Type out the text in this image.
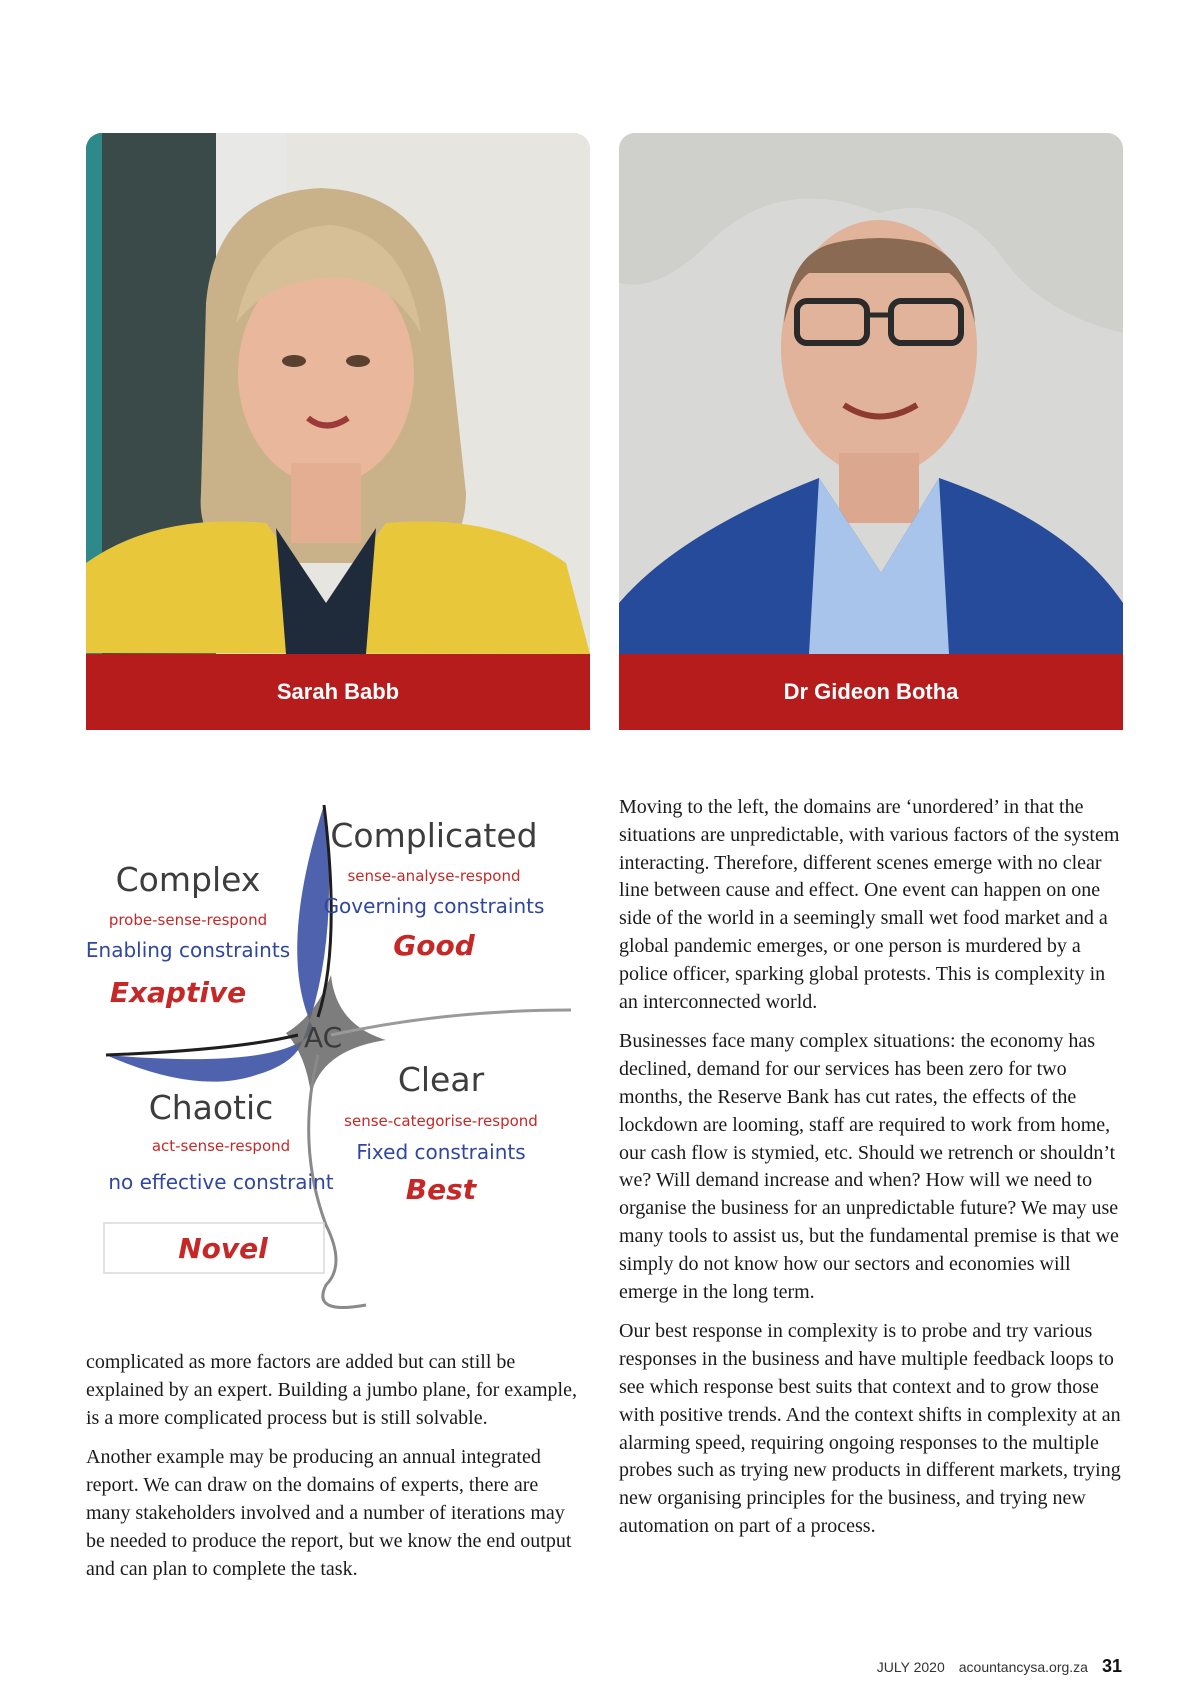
Sarah Babb	Dr Gideon Botha
AC
Complicated
sense-analyse-respond
Governing constraints
Good
Complex
probe-sense-respond
Enabling constraints
Exaptive
Clear
sense-categorise-respond
Fixed constraints
Best
Chaotic
act-sense-respond
no effective constraint
Novel

complicated as more factors are added but can still be explained by an expert. Building a jumbo plane, for example, is a more complicated process but is still solvable.

Another example may be producing an annual integrated report. We can draw on the domains of experts, there are many stakeholders involved and a number of iterations may be needed to produce the report, but we know the end output and can plan to complete the task.

Moving to the left, the domains are ‘unordered’ in that the situations are unpredictable, with various factors of the system interacting. Therefore, different scenes emerge with no clear line between cause and effect. One event can happen on one side of the world in a seemingly small wet food market and a global pandemic emerges, or one person is murdered by a police officer, sparking global protests. This is complexity in an interconnected world.

Businesses face many complex situations: the economy has declined, demand for our services has been zero for two months, the Reserve Bank has cut rates, the effects of the lockdown are looming, staff are required to work from home, our cash flow is stymied, etc. Should we retrench or shouldn’t we? Will demand increase and when? How will we need to organise the business for an unpredictable future? We may use many tools to assist us, but the fundamental premise is that we simply do not know how our sectors and economies will emerge in the long term.

Our best response in complexity is to probe and try various responses in the business and have multiple feedback loops to see which response best suits that context and to grow those with positive trends. And the context shifts in complexity at an alarming speed, requiring ongoing responses to the multiple probes such as trying new products in different markets, trying new organising principles for the business, and trying new automation on part of a process.

JULY 2020 acountancysa.org.za 31
